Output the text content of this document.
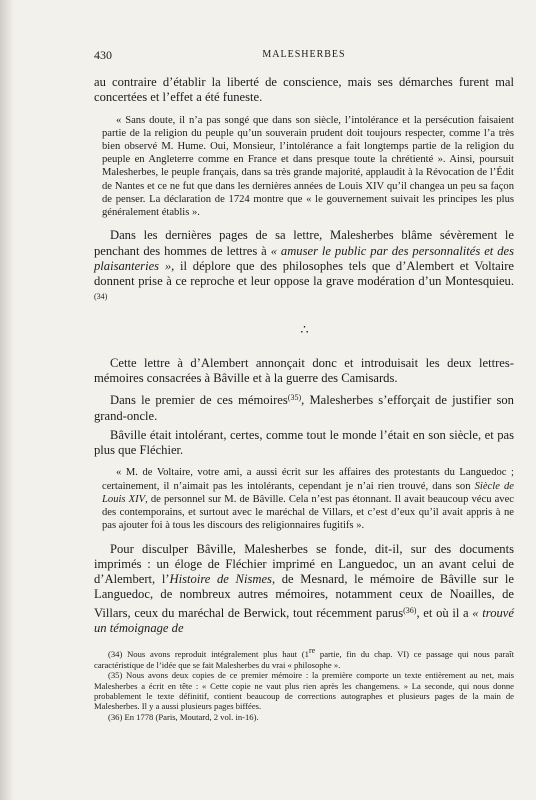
430	MALESHERBES

au contraire d’établir la liberté de conscience, mais ses démarches furent mal concertées et l’effet a été funeste.

« Sans doute, il n’a pas songé que dans son siècle, l’intolérance et la persécution faisaient partie de la religion du peuple qu’un souverain prudent doit toujours respecter, comme l’a très bien observé M. Hume. Oui, Monsieur, l’intolérance a fait longtemps partie de la religion du peuple en Angleterre comme en France et dans presque toute la chrétienté ». Ainsi, poursuit Malesherbes, le peuple français, dans sa très grande majorité, applaudit à la Révocation de l’Édit de Nantes et ce ne fut que dans les dernières années de Louis XIV qu’il changea un peu sa façon de penser. La déclaration de 1724 montre que « le gouvernement suivait les principes les plus généralement établis ».

Dans les dernières pages de sa lettre, Malesherbes blâme sévèrement le penchant des hommes de lettres à « amuser le public par des personnalités et des plaisanteries », il déplore que des philosophes tels que d’Alembert et Voltaire donnent prise à ce reproche et leur oppose la grave modération d’un Montesquieu. $^{(34)}$

∴

Cette lettre à d’Alembert annonçait donc et introduisait les deux lettres-mémoires consacrées à Bâville et à la guerre des Camisards.

Dans le premier de ces mémoires$^{(35)}$, Malesherbes s’efforçait de justifier son grand-oncle.

Bâville était intolérant, certes, comme tout le monde l’était en son siècle, et pas plus que Fléchier.

« M. de Voltaire, votre ami, a aussi écrit sur les affaires des protestants du Languedoc ; certainement, il n’aimait pas les intolérants, cependant je n’ai rien trouvé, dans son Siècle de Louis XIV, de personnel sur M. de Bâville. Cela n’est pas étonnant. Il avait beaucoup vécu avec des contemporains, et surtout avec le maréchal de Villars, et c’est d’eux qu’il avait appris à ne pas ajouter foi à tous les discours des religionnaires fugitifs ».

Pour disculper Bâville, Malesherbes se fonde, dit-il, sur des documents imprimés : un éloge de Fléchier imprimé en Languedoc, un an avant celui de d’Alembert, l’Histoire de Nismes, de Mesnard, le mémoire de Bâville sur le Languedoc, de nombreux autres mémoires, notamment ceux de Noailles, de Villars, ceux du maréchal de Berwick, tout récemment parus$^{(36)}$, et où il a « trouvé un témoignage de

(34) Nous avons reproduit intégralement plus haut (1re partie, fin du chap. VI) ce passage qui nous paraît caractéristique de l’idée que se fait Malesherbes du vrai « philosophe ».

(35) Nous avons deux copies de ce premier mémoire : la première comporte un texte entièrement au net, mais Malesherbes a écrit en tête : « Cette copie ne vaut plus rien après les changemens. » La seconde, qui nous donne probablement le texte définitif, contient beaucoup de corrections autographes et plusieurs pages de la main de Malesherbes. Il y a aussi plusieurs pages biffées.

(36) En 1778 (Paris, Moutard, 2 vol. in-16).
